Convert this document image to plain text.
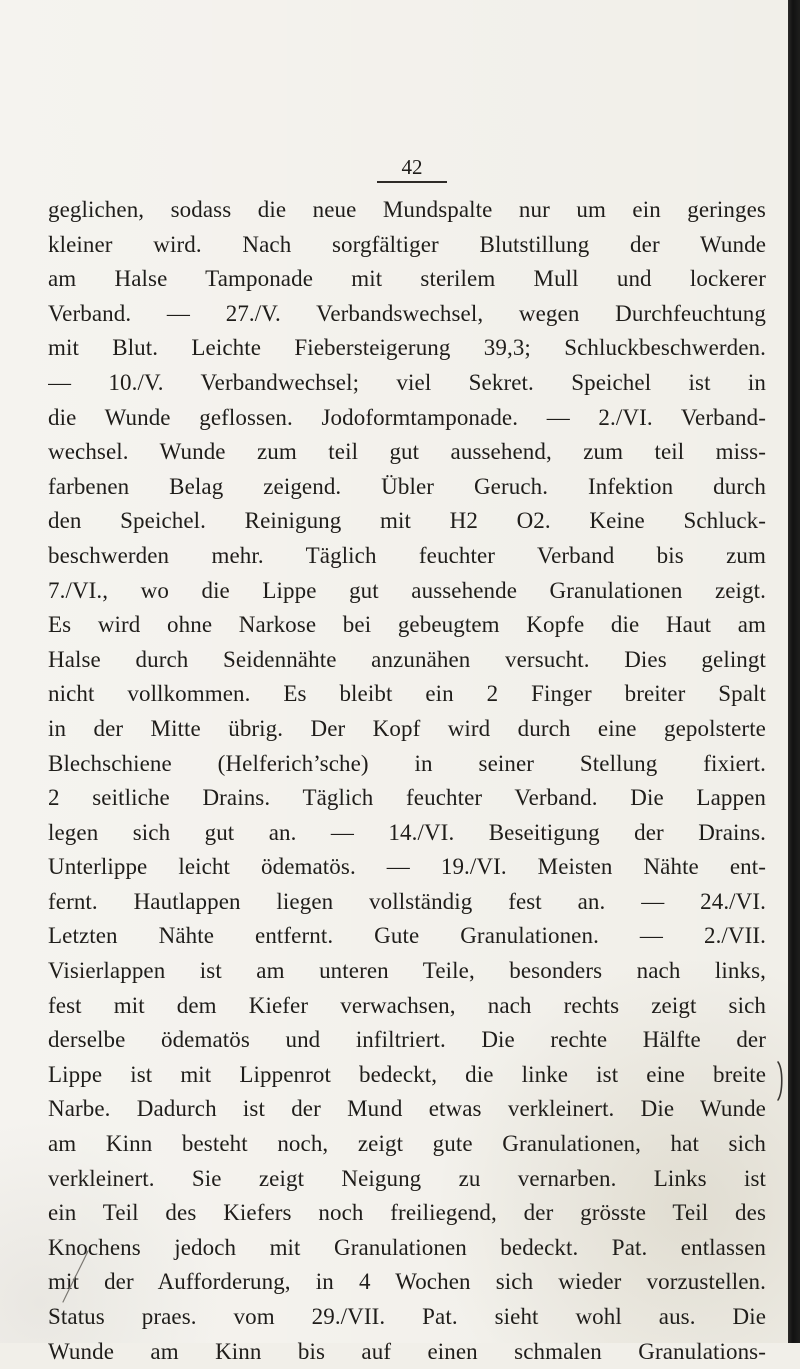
42
geglichen, sodass die neue Mundspalte nur um ein geringes
kleiner wird. Nach sorgfältiger Blutstillung der Wunde
am Halse Tamponade mit sterilem Mull und lockerer
Verband. — 27./V. Verbandswechsel, wegen Durchfeuchtung
mit Blut. Leichte Fiebersteigerung 39,3; Schluckbeschwerden.
— 10./V. Verbandwechsel; viel Sekret. Speichel ist in
die Wunde geflossen. Jodoformtamponade. — 2./VI. Verband-
wechsel. Wunde zum teil gut aussehend, zum teil miss-
farbenen Belag zeigend. Übler Geruch. Infektion durch
den Speichel. Reinigung mit H2 O2. Keine Schluck-
beschwerden mehr. Täglich feuchter Verband bis zum
7./VI., wo die Lippe gut aussehende Granulationen zeigt.
Es wird ohne Narkose bei gebeugtem Kopfe die Haut am
Halse durch Seidennähte anzunähen versucht. Dies gelingt
nicht vollkommen. Es bleibt ein 2 Finger breiter Spalt
in der Mitte übrig. Der Kopf wird durch eine gepolsterte
Blechschiene (Helferich’sche) in seiner Stellung fixiert.
2 seitliche Drains. Täglich feuchter Verband. Die Lappen
legen sich gut an. — 14./VI. Beseitigung der Drains.
Unterlippe leicht ödematös. — 19./VI. Meisten Nähte ent-
fernt. Hautlappen liegen vollständig fest an. — 24./VI.
Letzten Nähte entfernt. Gute Granulationen. — 2./VII.
Visierlappen ist am unteren Teile, besonders nach links,
fest mit dem Kiefer verwachsen, nach rechts zeigt sich
derselbe ödematös und infiltriert. Die rechte Hälfte der
Lippe ist mit Lippenrot bedeckt, die linke ist eine breite
Narbe. Dadurch ist der Mund etwas verkleinert. Die Wunde
am Kinn besteht noch, zeigt gute Granulationen, hat sich
verkleinert. Sie zeigt Neigung zu vernarben. Links ist
ein Teil des Kiefers noch freiliegend, der grösste Teil des
Knochens jedoch mit Granulationen bedeckt. Pat. entlassen
mit der Aufforderung, in 4 Wochen sich wieder vorzustellen.
Status praes. vom 29./VII. Pat. sieht wohl aus. Die
Wunde am Kinn bis auf einen schmalen Granulations-
